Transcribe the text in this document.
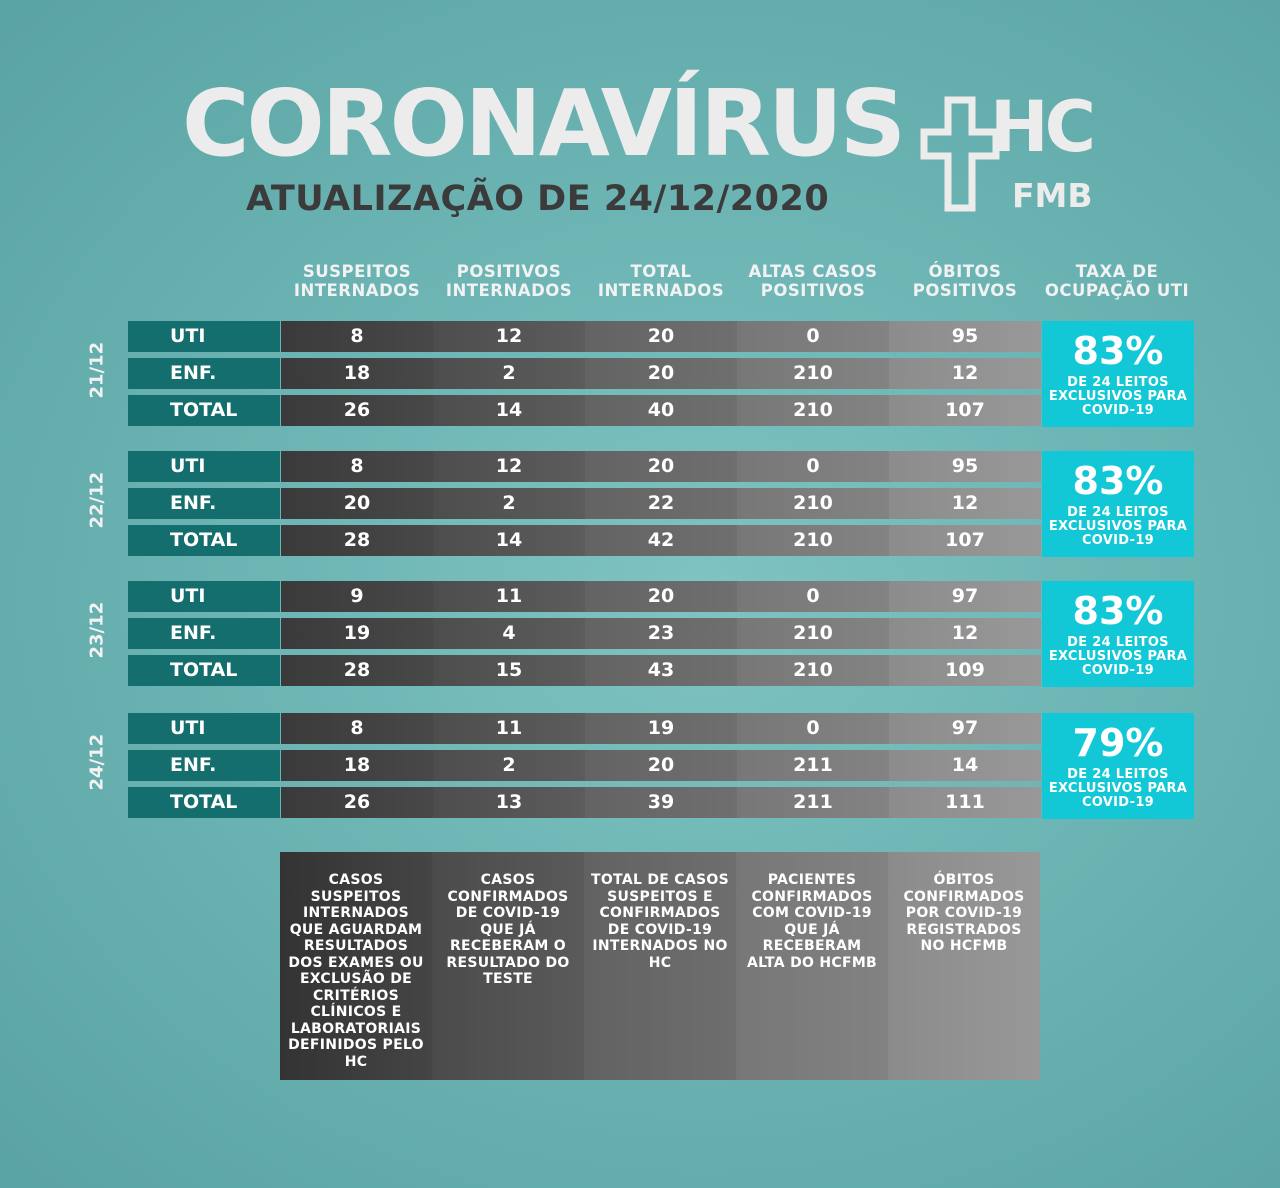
CORONAVÍRUS
ATUALIZAÇÃO DE 24/12/2020
HC
FMB
SUSPEITOS INTERNADOS
POSITIVOS INTERNADOS
TOTAL INTERNADOS
ALTAS CASOS POSITIVOS
ÓBITOS POSITIVOS
TAXA DE OCUPAÇÃO UTI
21/12
UTI	8	12	20	0	95
ENF.	18	2	20	210	12
TOTAL	26	14	40	210	107
83%
DE 24 LEITOS EXCLUSIVOS PARA COVID-19
22/12
UTI	8	12	20	0	95
ENF.	20	2	22	210	12
TOTAL	28	14	42	210	107
83%
DE 24 LEITOS EXCLUSIVOS PARA COVID-19
23/12
UTI	9	11	20	0	97
ENF.	19	4	23	210	12
TOTAL	28	15	43	210	109
83%
DE 24 LEITOS EXCLUSIVOS PARA COVID-19
24/12
UTI	8	11	19	0	97
ENF.	18	2	20	211	14
TOTAL	26	13	39	211	111
79%
DE 24 LEITOS EXCLUSIVOS PARA COVID-19
CASOS SUSPEITOS INTERNADOS QUE AGUARDAM RESULTADOS DOS EXAMES OU EXCLUSÃO DE CRITÉRIOS CLÍNICOS E LABORATORIAIS DEFINIDOS PELO HC
CASOS CONFIRMADOS DE COVID-19 QUE JÁ RECEBERAM O RESULTADO DO TESTE
TOTAL DE CASOS SUSPEITOS E CONFIRMADOS DE COVID-19 INTERNADOS NO HC
PACIENTES CONFIRMADOS COM COVID-19 QUE JÁ RECEBERAM ALTA DO HCFMB
ÓBITOS CONFIRMADOS POR COVID-19 REGISTRADOS NO HCFMB
